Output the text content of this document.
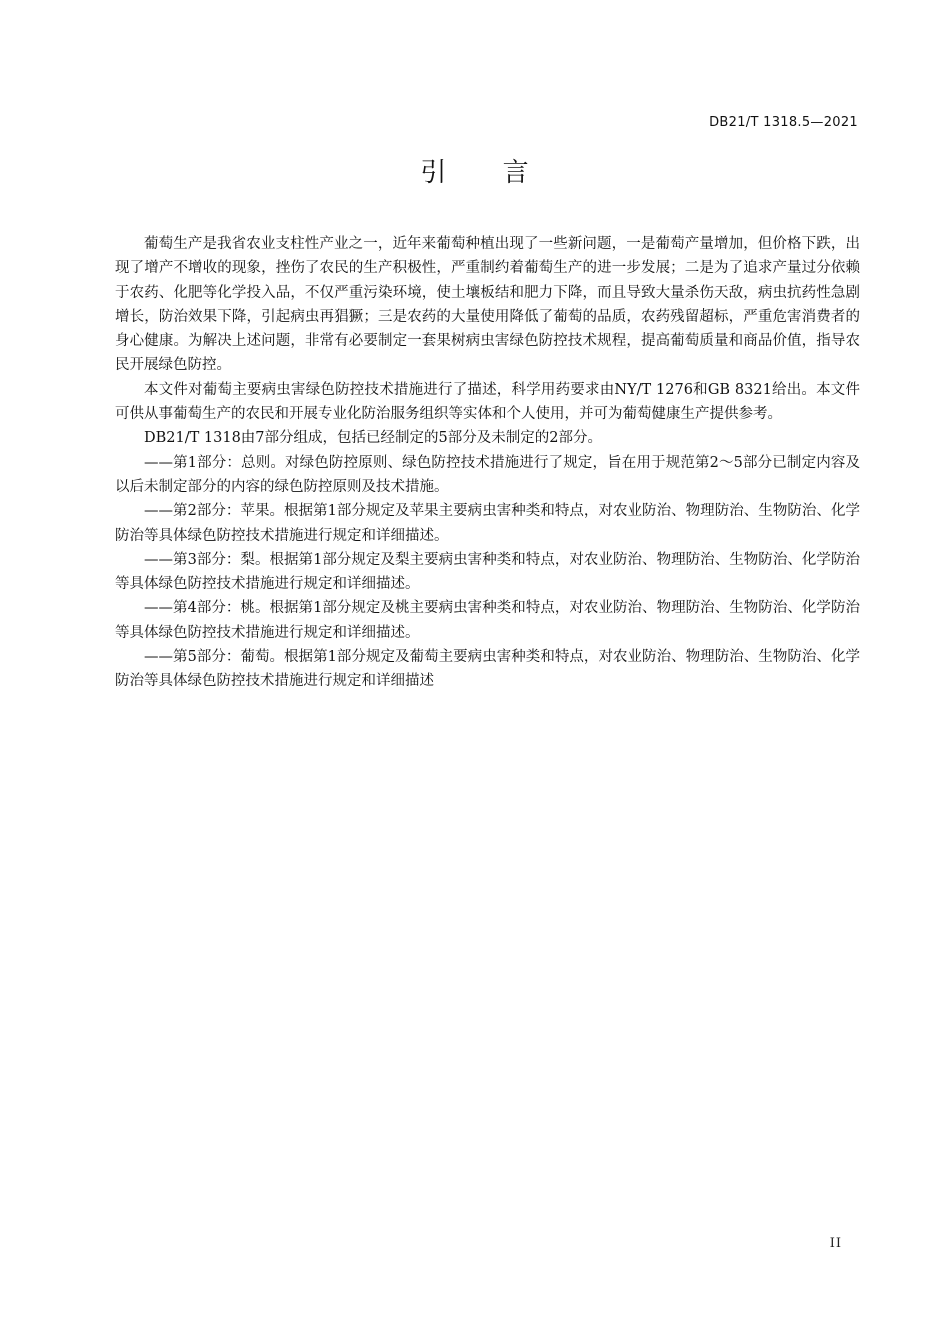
DB21/T 1318.5—2021
引 言

葡萄生产是我省农业支柱性产业之一，近年来葡萄种植出现了一些新问题，一是葡萄产量增加，但价格下跌，出现了增产不增收的现象，挫伤了农民的生产积极性，严重制约着葡萄生产的进一步发展；二是为了追求产量过分依赖于农药、化肥等化学投入品，不仅严重污染环境，使土壤板结和肥力下降，而且导致大量杀伤天敌，病虫抗药性急剧增长，防治效果下降，引起病虫再猖獗；三是农药的大量使用降低了葡萄的品质，农药残留超标，严重危害消费者的身心健康。为解决上述问题，非常有必要制定一套果树病虫害绿色防控技术规程，提高葡萄质量和商品价值，指导农民开展绿色防控。

本文件对葡萄主要病虫害绿色防控技术措施进行了描述，科学用药要求由NY/T 1276和GB 8321给出。本文件可供从事葡萄生产的农民和开展专业化防治服务组织等实体和个人使用，并可为葡萄健康生产提供参考。

DB21/T 1318由7部分组成，包括已经制定的5部分及未制定的2部分。

——第1部分：总则。对绿色防控原则、绿色防控技术措施进行了规定，旨在用于规范第2～5部分已制定内容及以后未制定部分的内容的绿色防控原则及技术措施。

——第2部分：苹果。根据第1部分规定及苹果主要病虫害种类和特点，对农业防治、物理防治、生物防治、化学防治等具体绿色防控技术措施进行规定和详细描述。

——第3部分：梨。根据第1部分规定及梨主要病虫害种类和特点，对农业防治、物理防治、生物防治、化学防治等具体绿色防控技术措施进行规定和详细描述。

——第4部分：桃。根据第1部分规定及桃主要病虫害种类和特点，对农业防治、物理防治、生物防治、化学防治等具体绿色防控技术措施进行规定和详细描述。

——第5部分：葡萄。根据第1部分规定及葡萄主要病虫害种类和特点，对农业防治、物理防治、生物防治、化学防治等具体绿色防控技术措施进行规定和详细描述

II
